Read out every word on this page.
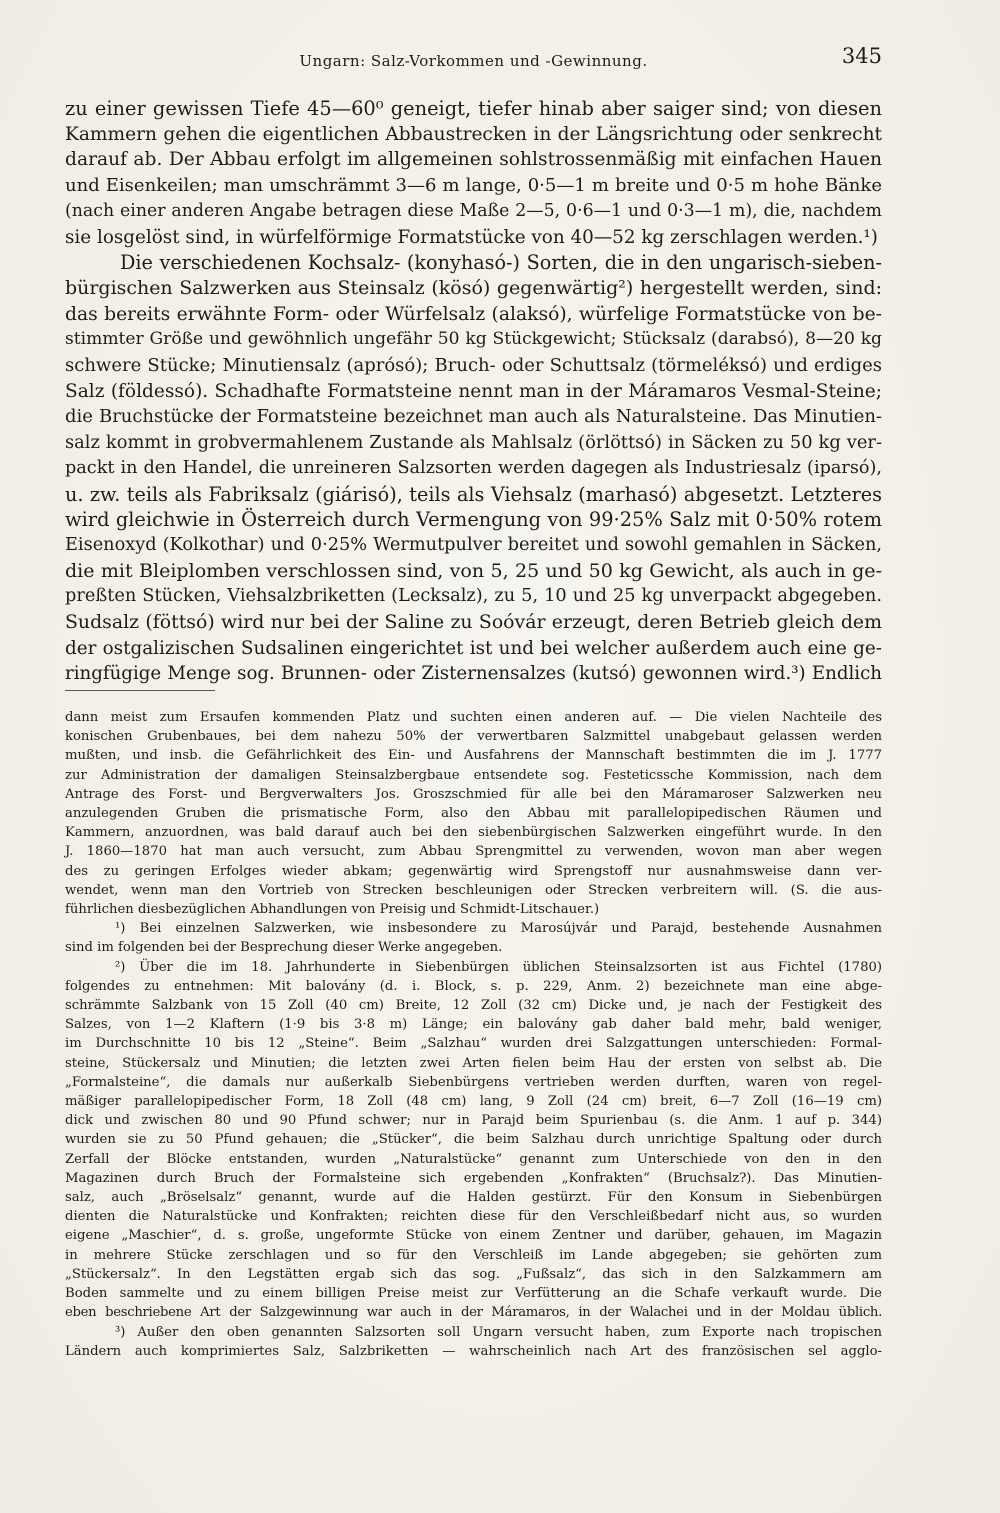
Ungarn: Salz-Vorkommen und -Gewinnung.	345
zu einer gewissen Tiefe 45—60⁰ geneigt, tiefer hinab aber saiger sind; von diesen
Kammern gehen die eigentlichen Abbaustrecken in der Längsrichtung oder senkrecht
darauf ab. Der Abbau erfolgt im allgemeinen sohlstrossenmäßig mit einfachen Hauen
und Eisenkeilen; man umschrämmt 3—6 m lange, 0·5—1 m breite und 0·5 m hohe Bänke
(nach einer anderen Angabe betragen diese Maße 2—5, 0·6—1 und 0·3—1 m), die, nachdem
sie losgelöst sind, in würfelförmige Formatstücke von 40—52 kg zerschlagen werden.¹)
Die verschiedenen Kochsalz- (konyhasó-) Sorten, die in den ungarisch-sieben-
bürgischen Salzwerken aus Steinsalz (kösó) gegenwärtig²) hergestellt werden, sind:
das bereits erwähnte Form- oder Würfelsalz (alaksó), würfelige Formatstücke von be-
stimmter Größe und gewöhnlich ungefähr 50 kg Stückgewicht; Stücksalz (darabsó), 8—20 kg
schwere Stücke; Minutiensalz (aprósó); Bruch- oder Schuttsalz (törmeléksó) und erdiges
Salz (földessó). Schadhafte Formatsteine nennt man in der Máramaros Vesmal-Steine;
die Bruchstücke der Formatsteine bezeichnet man auch als Naturalsteine. Das Minutien-
salz kommt in grobvermahlenem Zustande als Mahlsalz (örlöttsó) in Säcken zu 50 kg ver-
packt in den Handel, die unreineren Salzsorten werden dagegen als Industriesalz (iparsó),
u. zw. teils als Fabriksalz (giárisó), teils als Viehsalz (marhasó) abgesetzt. Letzteres
wird gleichwie in Österreich durch Vermengung von 99·25% Salz mit 0·50% rotem
Eisenoxyd (Kolkothar) und 0·25% Wermutpulver bereitet und sowohl gemahlen in Säcken,
die mit Bleiplomben verschlossen sind, von 5, 25 und 50 kg Gewicht, als auch in ge-
preßten Stücken, Viehsalzbriketten (Lecksalz), zu 5, 10 und 25 kg unverpackt abgegeben.
Sudsalz (föttsó) wird nur bei der Saline zu Soóvár erzeugt, deren Betrieb gleich dem
der ostgalizischen Sudsalinen eingerichtet ist und bei welcher außerdem auch eine ge-
ringfügige Menge sog. Brunnen- oder Zisternensalzes (kutsó) gewonnen wird.³) Endlich
dann meist zum Ersaufen kommenden Platz und suchten einen anderen auf. — Die vielen Nachteile des
konischen Grubenbaues, bei dem nahezu 50% der verwertbaren Salzmittel unabgebaut gelassen werden
mußten, und insb. die Gefährlichkeit des Ein- und Ausfahrens der Mannschaft bestimmten die im J. 1777
zur Administration der damaligen Steinsalzbergbaue entsendete sog. Festeticssche Kommission, nach dem
Antrage des Forst- und Bergverwalters Jos. Groszschmied für alle bei den Máramaroser Salzwerken neu
anzulegenden Gruben die prismatische Form, also den Abbau mit parallelopipedischen Räumen und
Kammern, anzuordnen, was bald darauf auch bei den siebenbürgischen Salzwerken eingeführt wurde. In den
J. 1860—1870 hat man auch versucht, zum Abbau Sprengmittel zu verwenden, wovon man aber wegen
des zu geringen Erfolges wieder abkam; gegenwärtig wird Sprengstoff nur ausnahmsweise dann ver-
wendet, wenn man den Vortrieb von Strecken beschleunigen oder Strecken verbreitern will. (S. die aus-
führlichen diesbezüglichen Abhandlungen von Preisig und Schmidt-Litschauer.)
¹) Bei einzelnen Salzwerken, wie insbesondere zu Marosújvár und Parajd, bestehende Ausnahmen
sind im folgenden bei der Besprechung dieser Werke angegeben.
²) Über die im 18. Jahrhunderte in Siebenbürgen üblichen Steinsalzsorten ist aus Fichtel (1780)
folgendes zu entnehmen: Mit balovány (d. i. Block, s. p. 229, Anm. 2) bezeichnete man eine abge-
schrämmte Salzbank von 15 Zoll (40 cm) Breite, 12 Zoll (32 cm) Dicke und, je nach der Festigkeit des
Salzes, von 1—2 Klaftern (1·9 bis 3·8 m) Länge; ein balovány gab daher bald mehr, bald weniger,
im Durchschnitte 10 bis 12 „Steine“. Beim „Salzhau“ wurden drei Salzgattungen unterschieden: Formal-
steine, Stückersalz und Minutien; die letzten zwei Arten fielen beim Hau der ersten von selbst ab. Die
„Formalsteine“, die damals nur außerkalb Siebenbürgens vertrieben werden durften, waren von regel-
mäßiger parallelopipedischer Form, 18 Zoll (48 cm) lang, 9 Zoll (24 cm) breit, 6—7 Zoll (16—19 cm)
dick und zwischen 80 und 90 Pfund schwer; nur in Parajd beim Spurienbau (s. die Anm. 1 auf p. 344)
wurden sie zu 50 Pfund gehauen; die „Stücker“, die beim Salzhau durch unrichtige Spaltung oder durch
Zerfall der Blöcke entstanden, wurden „Naturalstücke“ genannt zum Unterschiede von den in den
Magazinen durch Bruch der Formalsteine sich ergebenden „Konfrakten“ (Bruchsalz?). Das Minutien-
salz, auch „Bröselsalz“ genannt, wurde auf die Halden gestürzt. Für den Konsum in Siebenbürgen
dienten die Naturalstücke und Konfrakten; reichten diese für den Verschleißbedarf nicht aus, so wurden
eigene „Maschier“, d. s. große, ungeformte Stücke von einem Zentner und darüber, gehauen, im Magazin
in mehrere Stücke zerschlagen und so für den Verschleiß im Lande abgegeben; sie gehörten zum
„Stückersalz“. In den Legstätten ergab sich das sog. „Fußsalz“, das sich in den Salzkammern am
Boden sammelte und zu einem billigen Preise meist zur Verfütterung an die Schafe verkauft wurde. Die
eben beschriebene Art der Salzgewinnung war auch in der Máramaros, in der Walachei und in der Moldau üblich.
³) Außer den oben genannten Salzsorten soll Ungarn versucht haben, zum Exporte nach tropischen
Ländern auch komprimiertes Salz, Salzbriketten — wahrscheinlich nach Art des französischen sel agglo-
